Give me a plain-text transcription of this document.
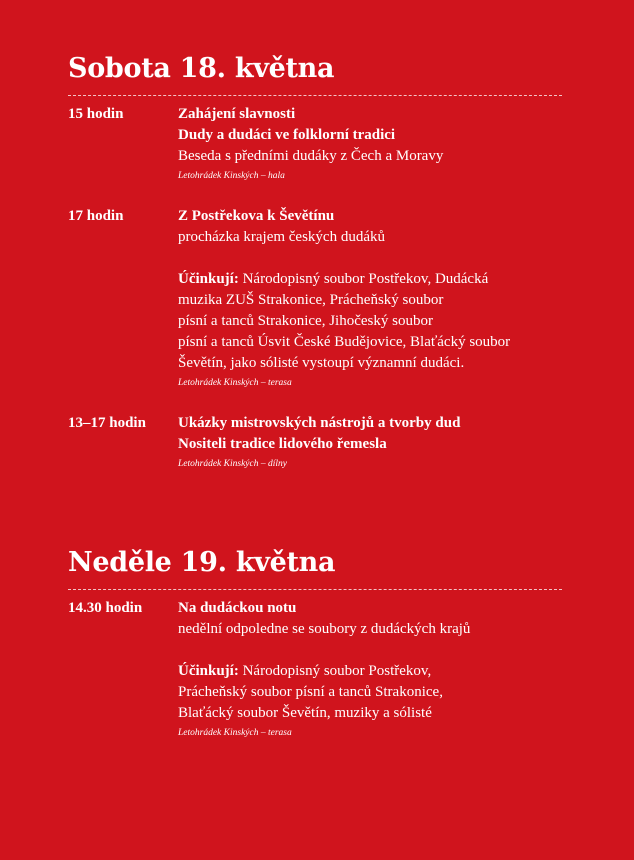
Sobota 18. května
15 hodin	Zahájení slavnosti
Dudy a dudáci ve folklorní tradici
Beseda s předními dudáky z Čech a Moravy
Letohrádek Kinských – hala
17 hodin	Z Postřekova k Ševětínu
procházka krajem českých dudáků
Účinkují: Národopisný soubor Postřekov, Dudácká
muzika ZUŠ Strakonice, Prácheňský soubor
písní a tanců Strakonice, Jihočeský soubor
písní a tanců Úsvit České Budějovice, Blaťácký soubor
Ševětín, jako sólisté vystoupí významní dudáci.
Letohrádek Kinských – terasa
13–17 hodin Ukázky mistrovských nástrojů a tvorby dud
Nositeli tradice lidového řemesla
Letohrádek Kinských – dílny
Neděle 19. května
14.30 hodin Na dudáckou notu
nedělní odpoledne se soubory z dudáckých krajů
Účinkují: Národopisný soubor Postřekov,
Prácheňský soubor písní a tanců Strakonice,
Blaťácký soubor Ševětín, muziky a sólisté
Letohrádek Kinských – terasa
